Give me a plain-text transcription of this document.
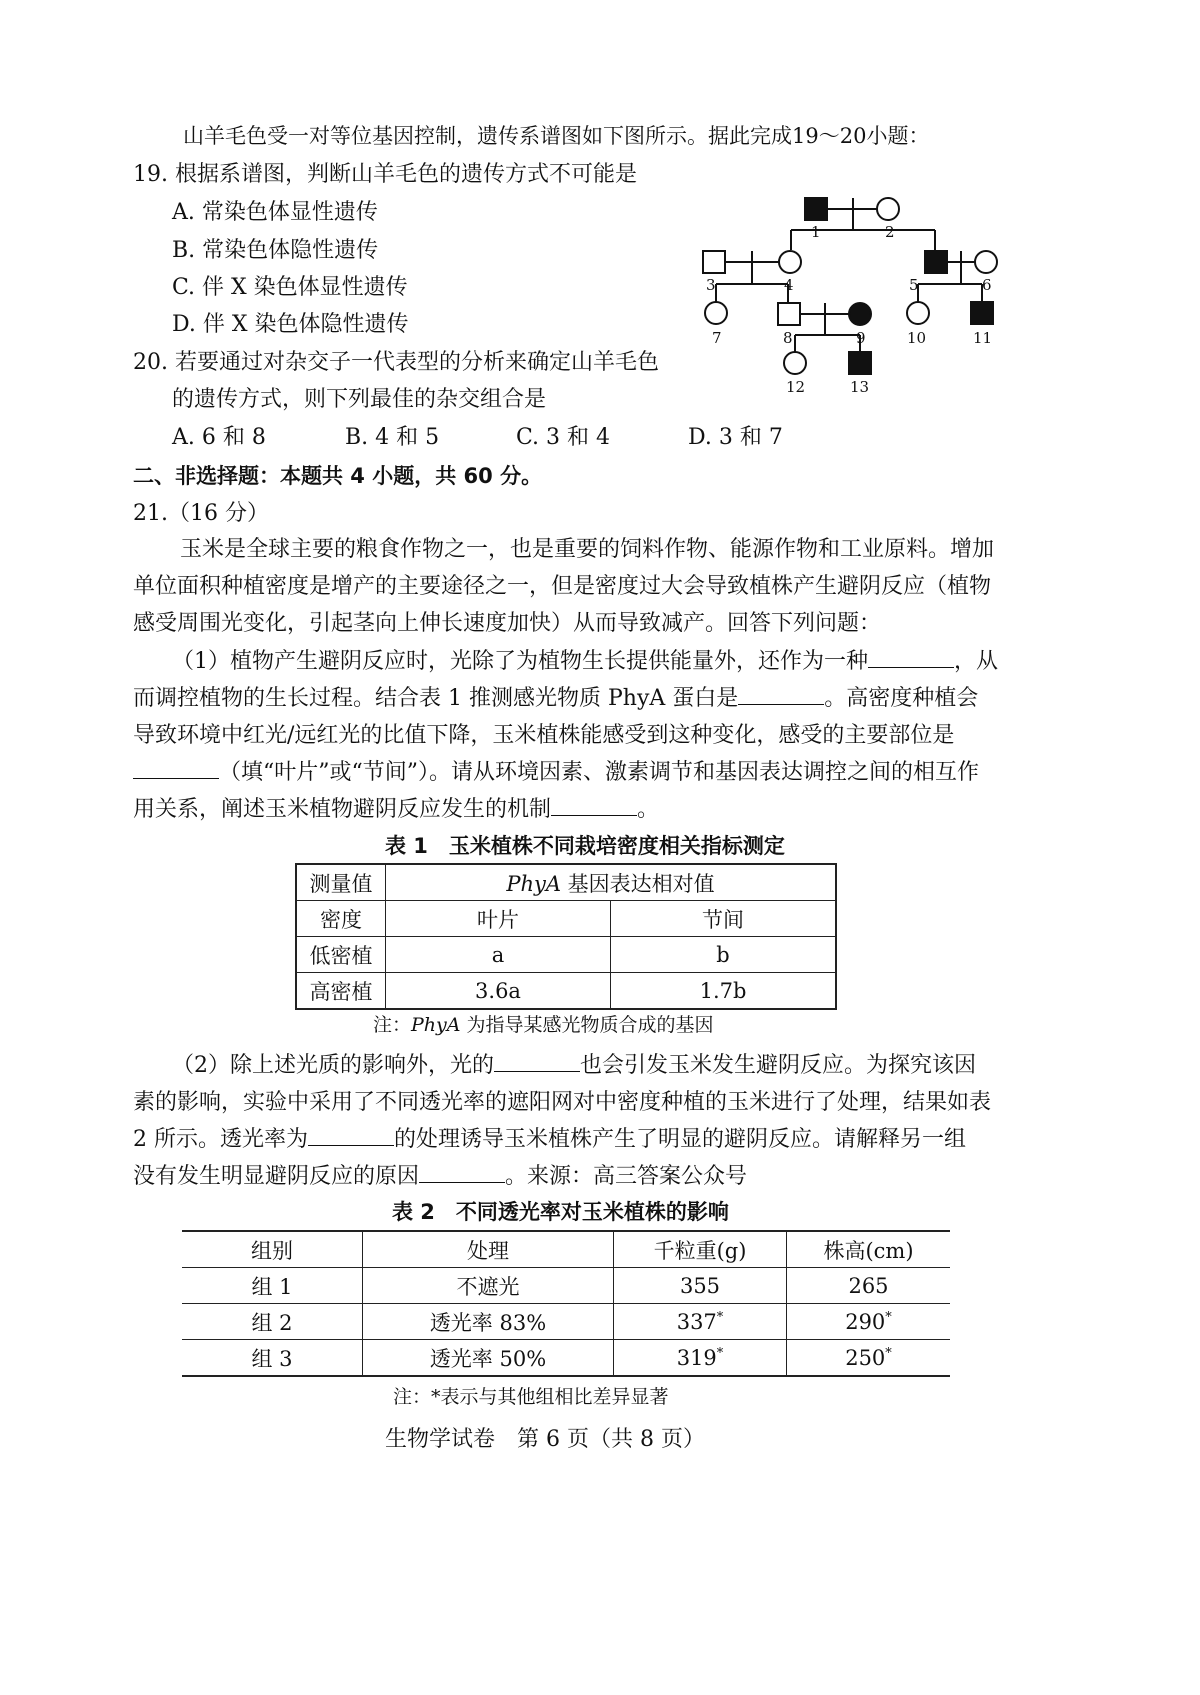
山羊毛色受一对等位基因控制，遗传系谱图如下图所示。据此完成19～20小题：
19. 根据系谱图，判断山羊毛色的遗传方式不可能是
A. 常染色体显性遗传
B. 常染色体隐性遗传
C. 伴 X 染色体显性遗传
D. 伴 X 染色体隐性遗传
20. 若要通过对杂交子一代表型的分析来确定山羊毛色
的遗传方式，则下列最佳的杂交组合是
A. 6 和 8	B. 4 和 5	C. 3 和 4	D. 3 和 7
1	2
3	4	5	6
7	8	9	10	11
12	13
二、非选择题：本题共 4 小题，共 60 分。
21.（16 分）
玉米是全球主要的粮食作物之一，也是重要的饲料作物、能源作物和工业原料。增加
单位面积种植密度是增产的主要途径之一，但是密度过大会导致植株产生避阴反应（植物
感受周围光变化，引起茎向上伸长速度加快）从而导致减产。回答下列问题：
（1）植物产生避阴反应时，光除了为植物生长提供能量外，还作为一种	，从
而调控植物的生长过程。结合表 1 推测感光物质 PhyA 蛋白是	。高密度种植会
导致环境中红光/远红光的比值下降，玉米植株能感受到这种变化，感受的主要部位是
（填“叶片”或“节间”）。请从环境因素、激素调节和基因表达调控之间的相互作
用关系，阐述玉米植物避阴反应发生的机制	。
表 1　玉米植株不同栽培密度相关指标测定
测量值	PhyA 基因表达相对值	
密度	叶片	节间
低密植	a	b
高密植	3.6a	1.7b
注：PhyA 为指导某感光物质合成的基因
（2）除上述光质的影响外，光的	也会引发玉米发生避阴反应。为探究该因
素的影响，实验中采用了不同透光率的遮阳网对中密度种植的玉米进行了处理，结果如表
2 所示。透光率为	的处理诱导玉米植株产生了明显的避阴反应。请解释另一组
没有发生明显避阴反应的原因	。来源：高三答案公众号
表 2　不同透光率对玉米植株的影响
组别	处理	千粒重(g)	株高(cm)
组 1	不遮光	355	265
组 2	透光率 83%	337*	290*
组 3	透光率 50%	319*	250*
注：*表示与其他组相比差异显著
生物学试卷　第 6 页（共 8 页）
